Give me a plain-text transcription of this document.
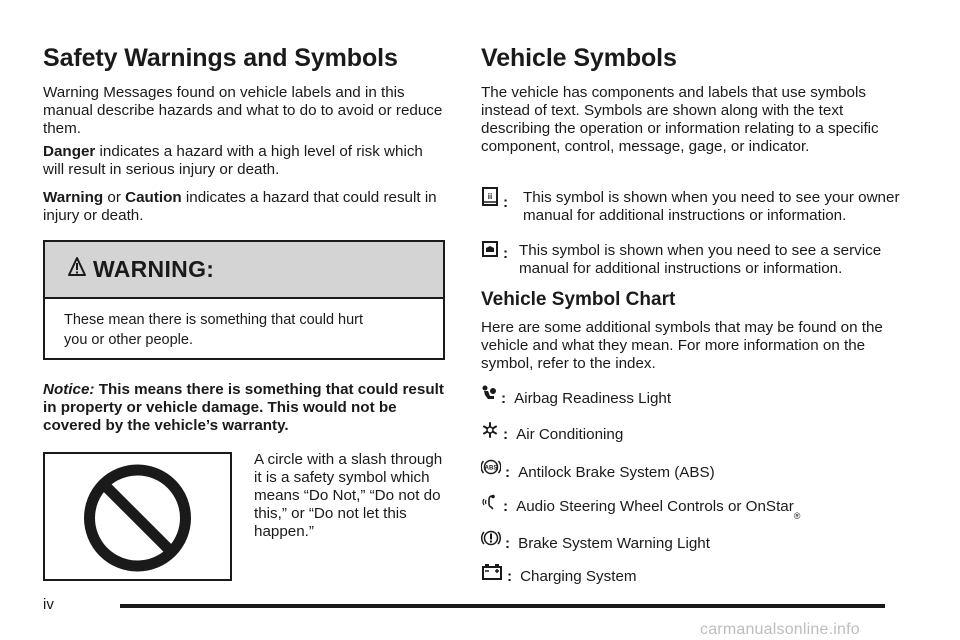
Safety Warnings and Symbols

Warning Messages found on vehicle labels and in this manual describe hazards and what to do to avoid or reduce them.

Danger indicates a hazard with a high level of risk which will result in serious injury or death.

Warning or Caution indicates a hazard that could result in injury or death.

WARNING:
These mean there is something that could hurt
you or other people.

Notice: This means there is something that could result in property or vehicle damage. This would not be covered by the vehicle’s warranty.

A circle with a slash through it is a safety symbol which means “Do Not,” “Do not do this,” or “Do not let this happen.”

Vehicle Symbols

The vehicle has components and labels that use symbols instead of text. Symbols are shown along with the text describing the operation or information relating to a specific component, control, message, gage, or indicator.

ii : This symbol is shown when you need to see your owner manual for additional instructions or information.

: This symbol is shown when you need to see a service manual for additional instructions or information.

Vehicle Symbol Chart

Here are some additional symbols that may be found on the vehicle and what they mean. For more information on the symbol, refer to the index.

: Airbag Readiness Light
: Air Conditioning
ABS : Antilock Brake System (ABS)
: Audio Steering Wheel Controls or OnStar
®
: Brake System Warning Light
: Charging System
iv
carmanualsonline.info
